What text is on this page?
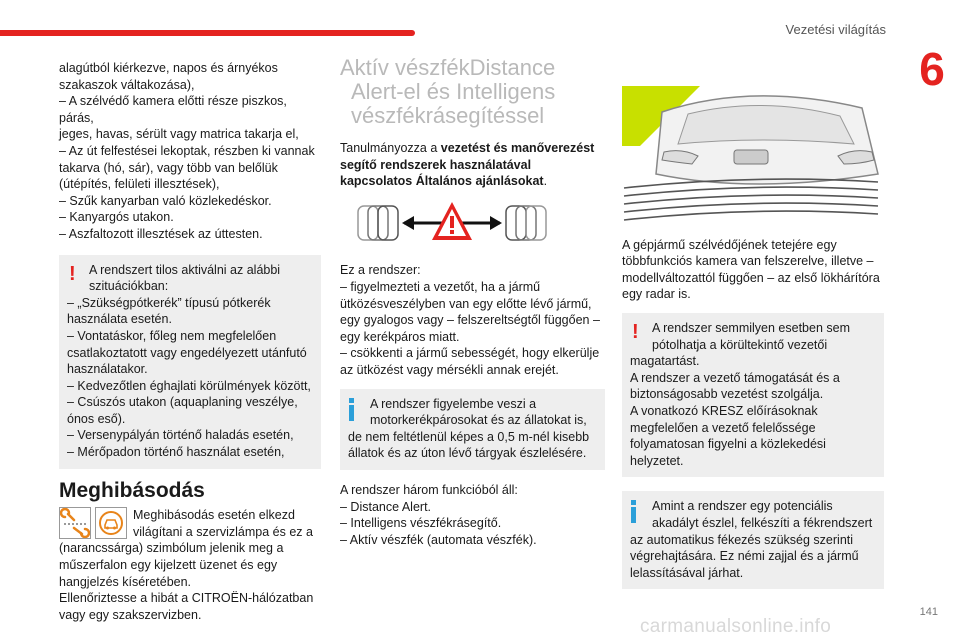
Vezetési világítás
6

alagútból kiérkezve, napos és árnyékos

szakaszok váltakozása),

– A szélvédő kamera előtti része piszkos, párás,

jeges, havas, sérült vagy matrica takarja el,

– Az út felfestései lekoptak, részben ki vannak

takarva (hó, sár), vagy több van belőlük

(útépítés, felületi illesztések),

– Szűk kanyarban való közlekedéskor.

– Kanyargós utakon.

– Aszfaltozott illesztések az úttesten.

!	A rendszert tilos aktiválni az alábbi

szituációkban:

– „Szükségpótkerék” típusú pótkerék

használata esetén.

– Vontatáskor, főleg nem megfelelően

csatlakoztatott vagy engedélyezett utánfutó

használatakor.

– Kedvezőtlen éghajlati körülmények között,

– Csúszós utakon (aquaplaning veszélye,

ónos eső).

– Versenypályán történő haladás esetén,

– Mérőpadon történő használat esetén,

Meghibásodás

Meghibásodás esetén elkezd

világítani a szervizlámpa és ez a

(narancssárga) szimbólum jelenik meg a

műszerfalon egy kijelzett üzenet és egy

hangjelzés kíséretében.

Ellenőriztesse a hibát a CITROËN-hálózatban

vagy egy szakszervizben.

Aktív vészfékDistance
Alert-el és Intelligens
vészfékrásegítéssel

Tanulmányozza a vezetést és manőverezést segítő rendszerek használatával kapcsolatos Általános ajánlásokat.

Ez a rendszer:

– figyelmezteti a vezetőt, ha a jármű

ütközésveszélyben van egy előtte lévő jármű,

egy gyalogos vagy – felszereltségtől függően –

egy kerékpáros miatt.

– csökkenti a jármű sebességét, hogy elkerülje

az ütközést vagy mérsékli annak erejét.

A rendszer figyelembe veszi a

motorkerékpárosokat és az állatokat is,

de nem feltétlenül képes a 0,5 m-nél kisebb

állatok és az úton lévő tárgyak észlelésére.

A rendszer három funkcióból áll:

– Distance Alert.

– Intelligens vészfékrásegítő.

– Aktív vészfék (automata vészfék).

A gépjármű szélvédőjének tetejére egy

többfunkciós kamera van felszerelve, illetve –

modellváltozattól függően – az első lökhárítóra

egy radar is.

!	A rendszer semmilyen esetben sem

pótolhatja a körültekintő vezetői

magatartást.

A rendszer a vezető támogatását és a

biztonságosabb vezetést szolgálja.

A vonatkozó KRESZ előírásoknak

megfelelően a vezető felelőssége

folyamatosan figyelni a közlekedési helyzetet.

Amint a rendszer egy potenciális

akadályt észlel, felkészíti a fékrendszert

az automatikus fékezés szükség szerinti

végrehajtására. Ez némi zajjal és a jármű

lelassításával járhat.

141
carmanualsonline.info
